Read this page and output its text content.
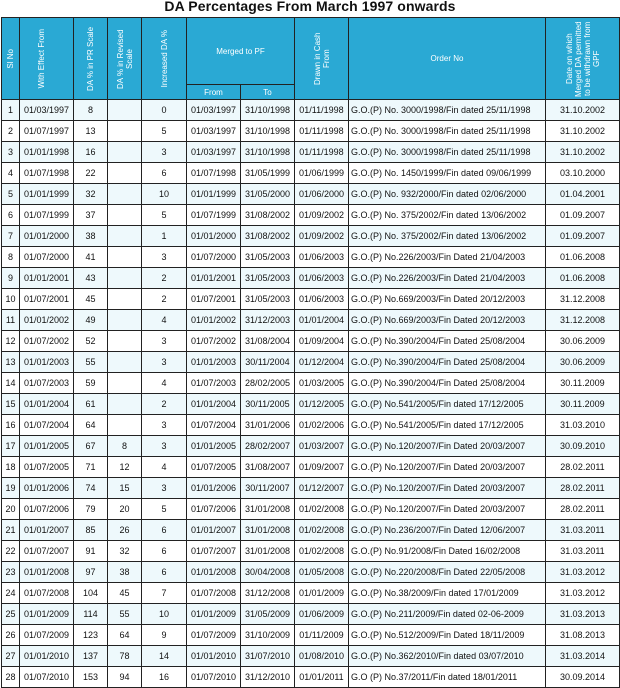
DA Percentages From March 1997 onwards
Sl No	With Effect From	DA % in PR Scale	DA % in Revised Scale	Increased DA %	Merged to PF		Drawn in Cash From	Order No	Date on which Merged DA permitted to be withdrawn from GPF

					From	To			
1	01/03/1997	8		0	01/03/1997	31/10/1998	01/11/1998	G.O.(P) No. 3000/1998/Fin dated 25/11/1998	31.10.2002
2	01/07/1997	13		5	01/03/1997	31/10/1998	01/11/1998	G.O.(P) No. 3000/1998/Fin dated 25/11/1998	31.10.2002
3	01/01/1998	16		3	01/03/1997	31/10/1998	01/11/1998	G.O.(P) No. 3000/1998/Fin dated 25/11/1998	31.10.2002
4	01/07/1998	22		6	01/07/1998	31/05/1999	01/06/1999	G.O.(P) No. 1450/1999/Fin dated 09/06/1999	03.10.2000
5	01/01/1999	32		10	01/01/1999	31/05/2000	01/06/2000	G.O.(P) No. 932/2000/Fin dated 02/06/2000	01.04.2001
6	01/07/1999	37		5	01/07/1999	31/08/2002	01/09/2002	G.O.(P) No. 375/2002/Fin dated 13/06/2002	01.09.2007
7	01/01/2000	38		1	01/01/2000	31/08/2002	01/09/2002	G.O.(P) No. 375/2002/Fin dated 13/06/2002	01.09.2007
8	01/07/2000	41		3	01/07/2000	31/05/2003	01/06/2003	G.O.(P) No.226/2003/Fin Dated 21/04/2003	01.06.2008
9	01/01/2001	43		2	01/01/2001	31/05/2003	01/06/2003	G.O.(P) No.226/2003/Fin Dated 21/04/2003	01.06.2008
10	01/07/2001	45		2	01/07/2001	31/05/2003	01/06/2003	G.O.(P) No.669/2003/Fin Dated 20/12/2003	31.12.2008
11	01/01/2002	49		4	01/01/2002	31/12/2003	01/01/2004	G.O.(P) No.669/2003/Fin Dated 20/12/2003	31.12.2008
12	01/07/2002	52		3	01/07/2002	31/08/2004	01/09/2004	G.O.(P) No.390/2004/Fin Dated 25/08/2004	30.06.2009
13	01/01/2003	55		3	01/01/2003	30/11/2004	01/12/2004	G.O.(P) No.390/2004/Fin Dated 25/08/2004	30.06.2009
14	01/07/2003	59		4	01/07/2003	28/02/2005	01/03/2005	G.O.(P) No.390/2004/Fin Dated 25/08/2004	30.11.2009
15	01/01/2004	61		2	01/01/2004	30/11/2005	01/12/2005	G.O.(P) No.541/2005/Fin dated 17/12/2005	30.11.2009
16	01/07/2004	64		3	01/07/2004	31/01/2006	01/02/2006	G.O.(P) No.541/2005/Fin dated 17/12/2005	31.03.2010
17	01/01/2005	67	8	3	01/01/2005	28/02/2007	01/03/2007	G.O.(P) No.120/2007/Fin Dated 20/03/2007	30.09.2010
18	01/07/2005	71	12	4	01/07/2005	31/08/2007	01/09/2007	G.O.(P) No.120/2007/Fin Dated 20/03/2007	28.02.2011
19	01/01/2006	74	15	3	01/01/2006	30/11/2007	01/12/2007	G.O.(P) No.120/2007/Fin Dated 20/03/2007	28.02.2011
20	01/07/2006	79	20	5	01/07/2006	31/01/2008	01/02/2008	G.O.(P) No.120/2007/Fin Dated 20/03/2007	28.02.2011
21	01/01/2007	85	26	6	01/01/2007	31/01/2008	01/02/2008	G.O.(P) No.236/2007/Fin Dated 12/06/2007	31.03.2011
22	01/07/2007	91	32	6	01/07/2007	31/01/2008	01/02/2008	G.O.(P) No.91/2008/Fin Dated 16/02/2008	31.03.2011
23	01/01/2008	97	38	6	01/01/2008	30/04/2008	01/05/2008	G.O.(P) No.220/2008/Fin Dated 22/05/2008	31.03.2012
24	01/07/2008	104	45	7	01/07/2008	31/12/2008	01/01/2009	G.O.(P) No.38/2009/Fin dated 17/01/2009	31.03.2012
25	01/01/2009	114	55	10	01/01/2009	31/05/2009	01/06/2009	G.O.(P) No.211/2009/Fin dated 02-06-2009	31.03.2013
26	01/07/2009	123	64	9	01/07/2009	31/10/2009	01/11/2009	G.O.(P) No.512/2009/Fin Dated 18/11/2009	31.08.2013
27	01/01/2010	137	78	14	01/01/2010	31/07/2010	01/08/2010	G.O.(P) No.362/2010/Fin dated 03/07/2010	31.03.2014
28	01/07/2010	153	94	16	01/07/2010	31/12/2010	01/01/2011	G.O (P) No.37/2011/Fin dated 18/01/2011	30.09.2014
